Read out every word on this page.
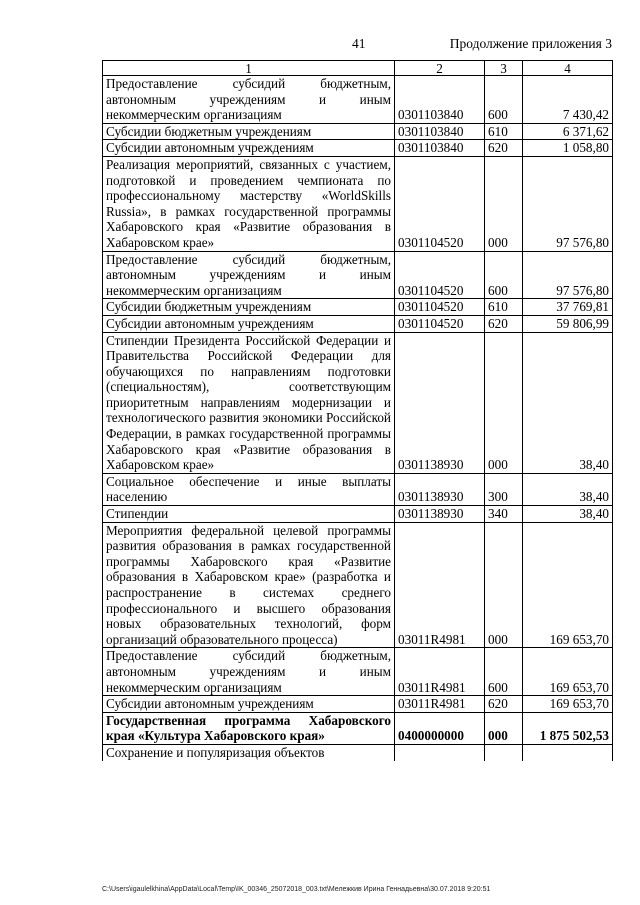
41	Продолжение приложения 3
1	2	3	4
Предоставление субсидий бюджетным, автономным учреждениям и иным некоммерческим организациям	0301103840	600	7 430,42
Субсидии бюджетным учреждениям	0301103840	610	6 371,62
Субсидии автономным учреждениям	0301103840	620	1 058,80
Реализация мероприятий, связанных с участием, подготовкой и проведением чемпионата по профессиональному мастерству «WorldSkills Russia», в рамках государственной программы Хабаровского края «Развитие образования в Хабаровском крае»	0301104520	000	97 576,80
Предоставление субсидий бюджетным, автономным учреждениям и иным некоммерческим организациям	0301104520	600	97 576,80
Субсидии бюджетным учреждениям	0301104520	610	37 769,81
Субсидии автономным учреждениям	0301104520	620	59 806,99
Стипендии Президента Российской Федерации и Правительства Российской Федерации для обучающихся по направлениям подготовки (специальностям), соответствующим приоритетным направлениям модернизации и технологического развития экономики Российской Федерации, в рамках государственной программы Хабаровского края «Развитие образования в Хабаровском крае»	0301138930	000	38,40
Социальное обеспечение и иные выплаты населению	0301138930	300	38,40
Стипендии	0301138930	340	38,40
Мероприятия федеральной целевой программы развития образования в рамках государственной программы Хабаровского края «Развитие образования в Хабаровском крае» (разработка и распространение в системах среднего профессионального и высшего образования новых образовательных технологий, форм организаций образовательного процесса)	03011R4981	000	169 653,70
Предоставление субсидий бюджетным, автономным учреждениям и иным некоммерческим организациям	03011R4981	600	169 653,70
Субсидии автономным учреждениям	03011R4981	620	169 653,70
Государственная программа Хабаровского края «Культура Хабаровского края»	0400000000	000	1 875 502,53
Сохранение и популяризация объектов			
C:\Users\igaulelkhina\AppData\Local\Temp\IK_00346_25072018_003.txt\Мележкив Ирина Геннадьевна\30.07.2018 9:20:51
